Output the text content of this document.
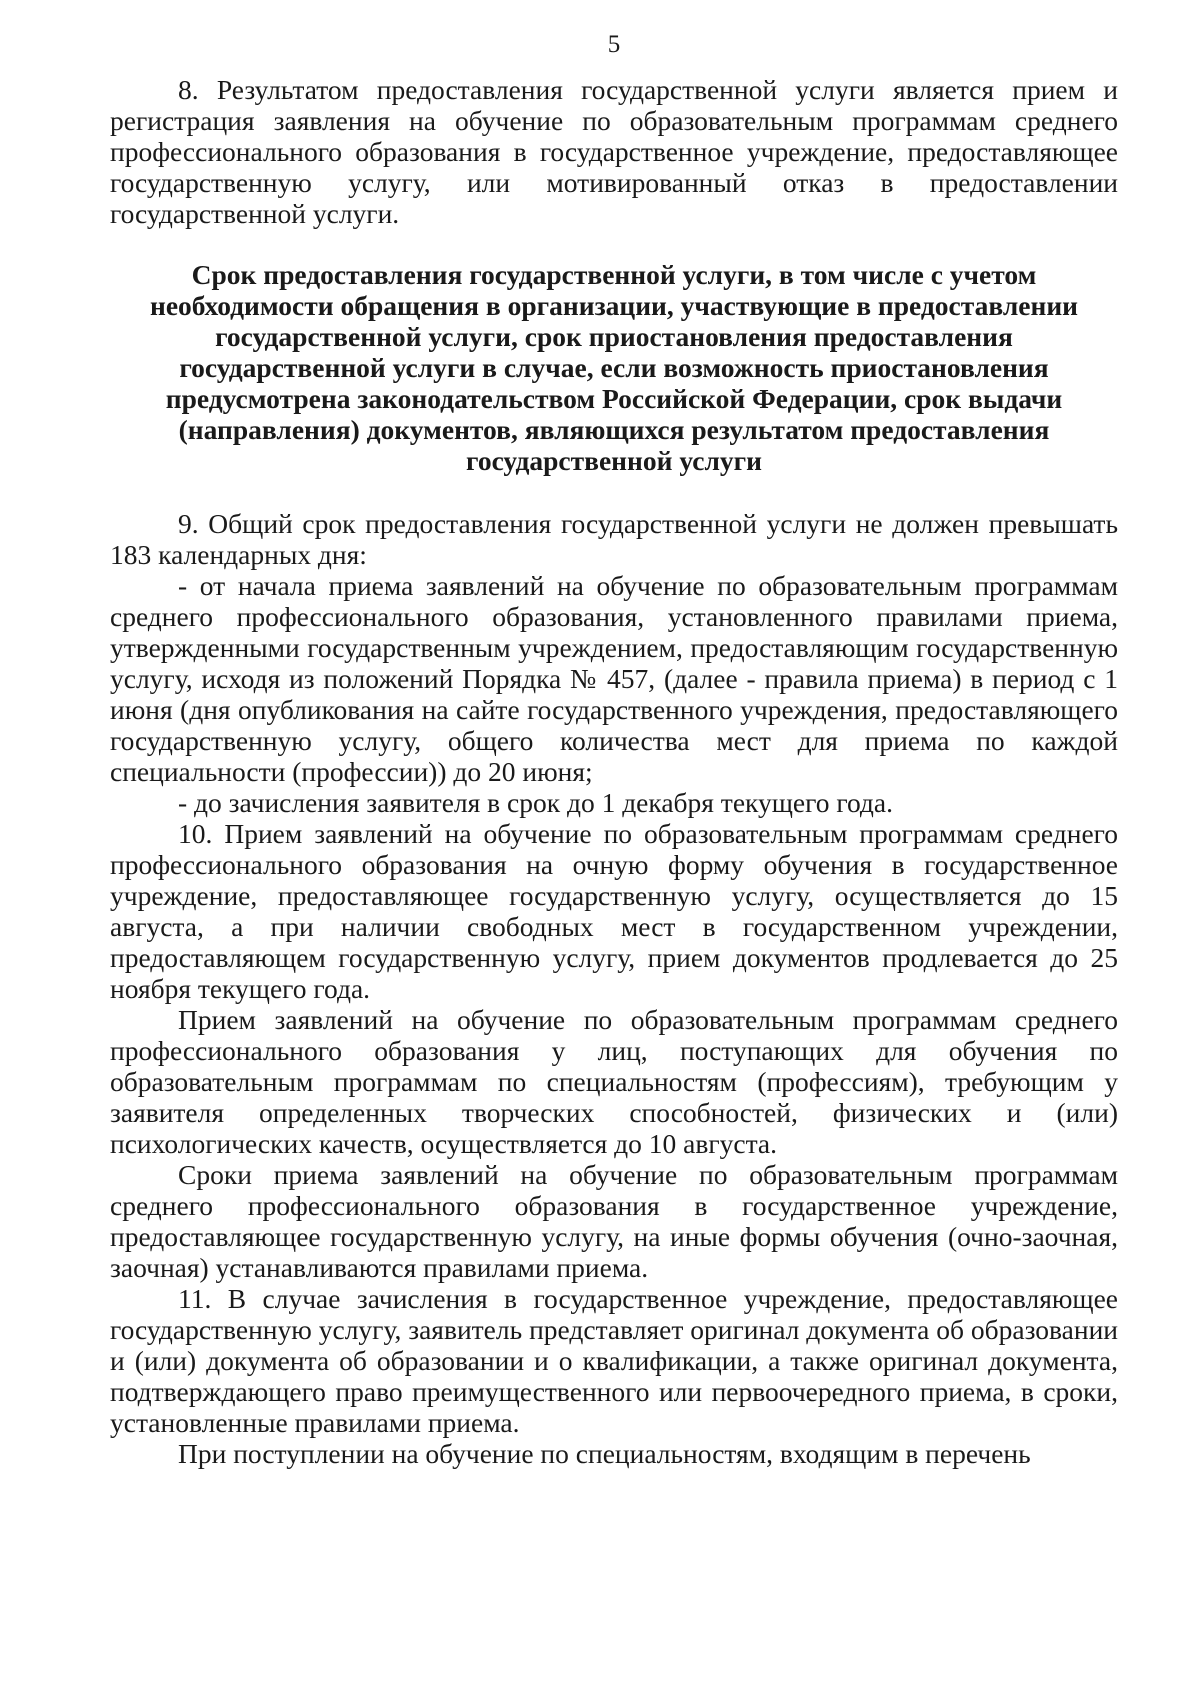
5

8. Результатом предоставления государственной услуги является прием и регистрация заявления на обучение по образовательным программам среднего профессионального образования в государственное учреждение, предоставляющее государственную услугу, или мотивированный отказ в предоставлении государственной услуги.

Срок предоставления государственной услуги, в том числе с учетом
необходимости обращения в организации, участвующие в предоставлении
государственной услуги, срок приостановления предоставления
государственной услуги в случае, если возможность приостановления
предусмотрена законодательством Российской Федерации, срок выдачи
(направления) документов, являющихся результатом предоставления
государственной услуги

9. Общий срок предоставления государственной услуги не должен превышать 183 календарных дня:

- от начала приема заявлений на обучение по образовательным программам среднего профессионального образования, установленного правилами приема, утвержденными государственным учреждением, предоставляющим государственную услугу, исходя из положений Порядка № 457, (далее - правила приема) в период с 1 июня (дня опубликования на сайте государственного учреждения, предоставляющего государственную услугу, общего количества мест для приема по каждой специальности (профессии)) до 20 июня;

- до зачисления заявителя в срок до 1 декабря текущего года.

10. Прием заявлений на обучение по образовательным программам среднего профессионального образования на очную форму обучения в государственное учреждение, предоставляющее государственную услугу, осуществляется до 15 августа, а при наличии свободных мест в государственном учреждении, предоставляющем государственную услугу, прием документов продлевается до 25 ноября текущего года.

Прием заявлений на обучение по образовательным программам среднего профессионального образования у лиц, поступающих для обучения по образовательным программам по специальностям (профессиям), требующим у заявителя определенных творческих способностей, физических и (или) психологических качеств, осуществляется до 10 августа.

Сроки приема заявлений на обучение по образовательным программам среднего профессионального образования в государственное учреждение, предоставляющее государственную услугу, на иные формы обучения (очно-заочная, заочная) устанавливаются правилами приема.

11. В случае зачисления в государственное учреждение, предоставляющее государственную услугу, заявитель представляет оригинал документа об образовании и (или) документа об образовании и о квалификации, а также оригинал документа, подтверждающего право преимущественного или первоочередного приема, в сроки, установленные правилами приема.

При поступлении на обучение по специальностям, входящим в перечень
